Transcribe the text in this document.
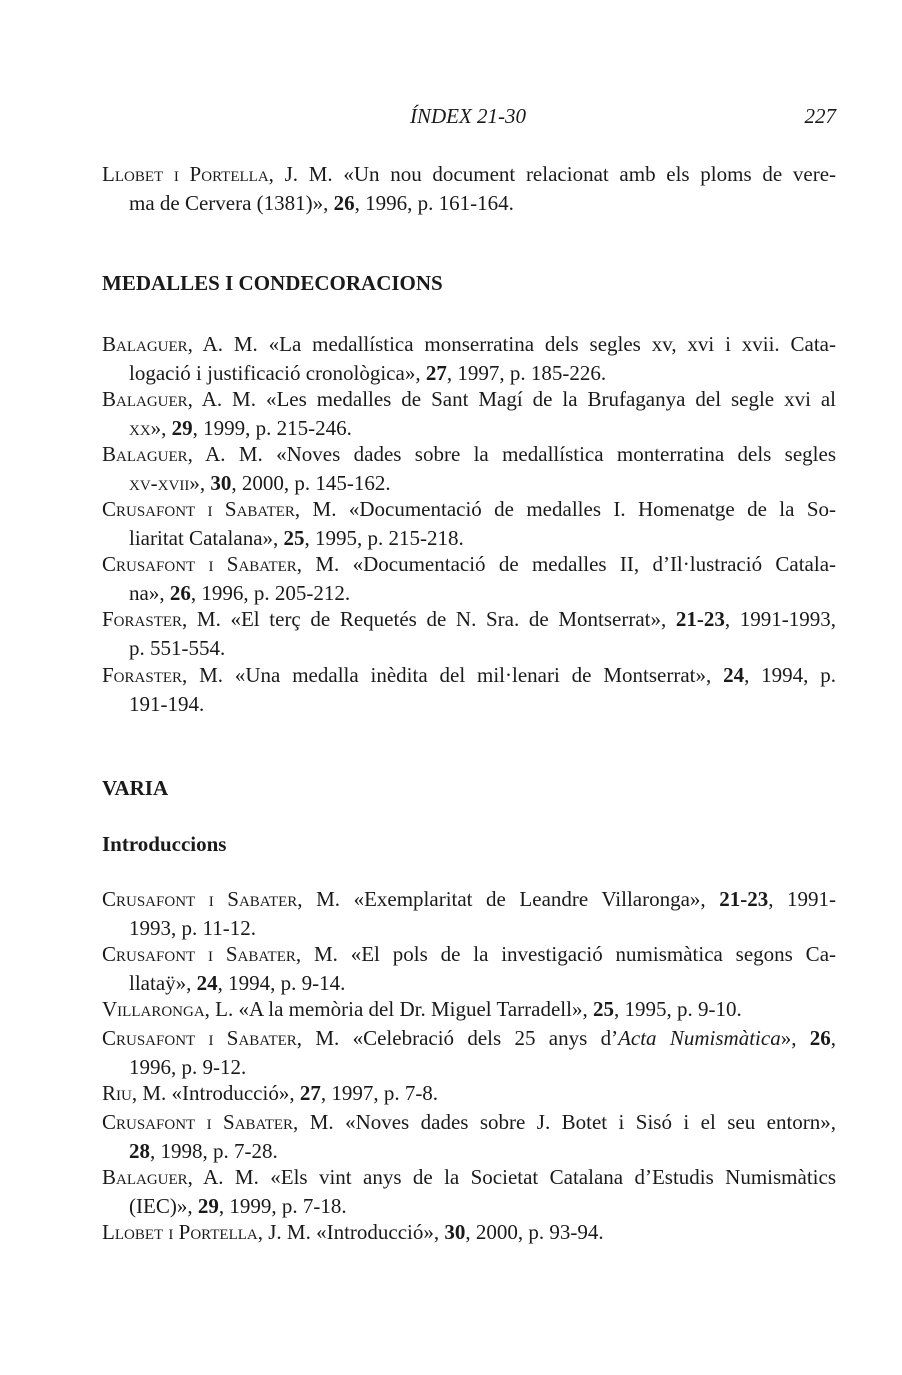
ÍNDEX 21-30	227
Llobet i Portella, J. M. «Un nou document relacionat amb els ploms de vere-
ma de Cervera (1381)», 26, 1996, p. 161-164.
MEDALLES I CONDECORACIONS
Balaguer, A. M. «La medallística monserratina dels segles xv, xvi i xvii. Cata-
logació i justificació cronològica», 27, 1997, p. 185-226.
Balaguer, A. M. «Les medalles de Sant Magí de la Brufaganya del segle xvi al
xx», 29, 1999, p. 215-246.
Balaguer, A. M. «Noves dades sobre la medallística monterratina dels segles
xv-xvii», 30, 2000, p. 145-162.
Crusafont i Sabater, M. «Documentació de medalles I. Homenatge de la So-
liaritat Catalana», 25, 1995, p. 215-218.
Crusafont i Sabater, M. «Documentació de medalles II, d’Il·lustració Catala-
na», 26, 1996, p. 205-212.
Foraster, M. «El terç de Requetés de N. Sra. de Montserrat», 21-23, 1991-1993,
p. 551-554.
Foraster, M. «Una medalla inèdita del mil·lenari de Montserrat», 24, 1994, p.
191-194.
VARIA
Introduccions
Crusafont i Sabater, M. «Exemplaritat de Leandre Villaronga», 21-23, 1991-
1993, p. 11-12.
Crusafont i Sabater, M. «El pols de la investigació numismàtica segons Ca-
llataÿ», 24, 1994, p. 9-14.
Villaronga, L. «A la memòria del Dr. Miguel Tarradell», 25, 1995, p. 9-10.
Crusafont i Sabater, M. «Celebració dels 25 anys d’Acta Numismàtica», 26,
1996, p. 9-12.
Riu, M. «Introducció», 27, 1997, p. 7-8.
Crusafont i Sabater, M. «Noves dades sobre J. Botet i Sisó i el seu entorn»,
28, 1998, p. 7-28.
Balaguer, A. M. «Els vint anys de la Societat Catalana d’Estudis Numismàtics
(IEC)», 29, 1999, p. 7-18.
Llobet i Portella, J. M. «Introducció», 30, 2000, p. 93-94.
